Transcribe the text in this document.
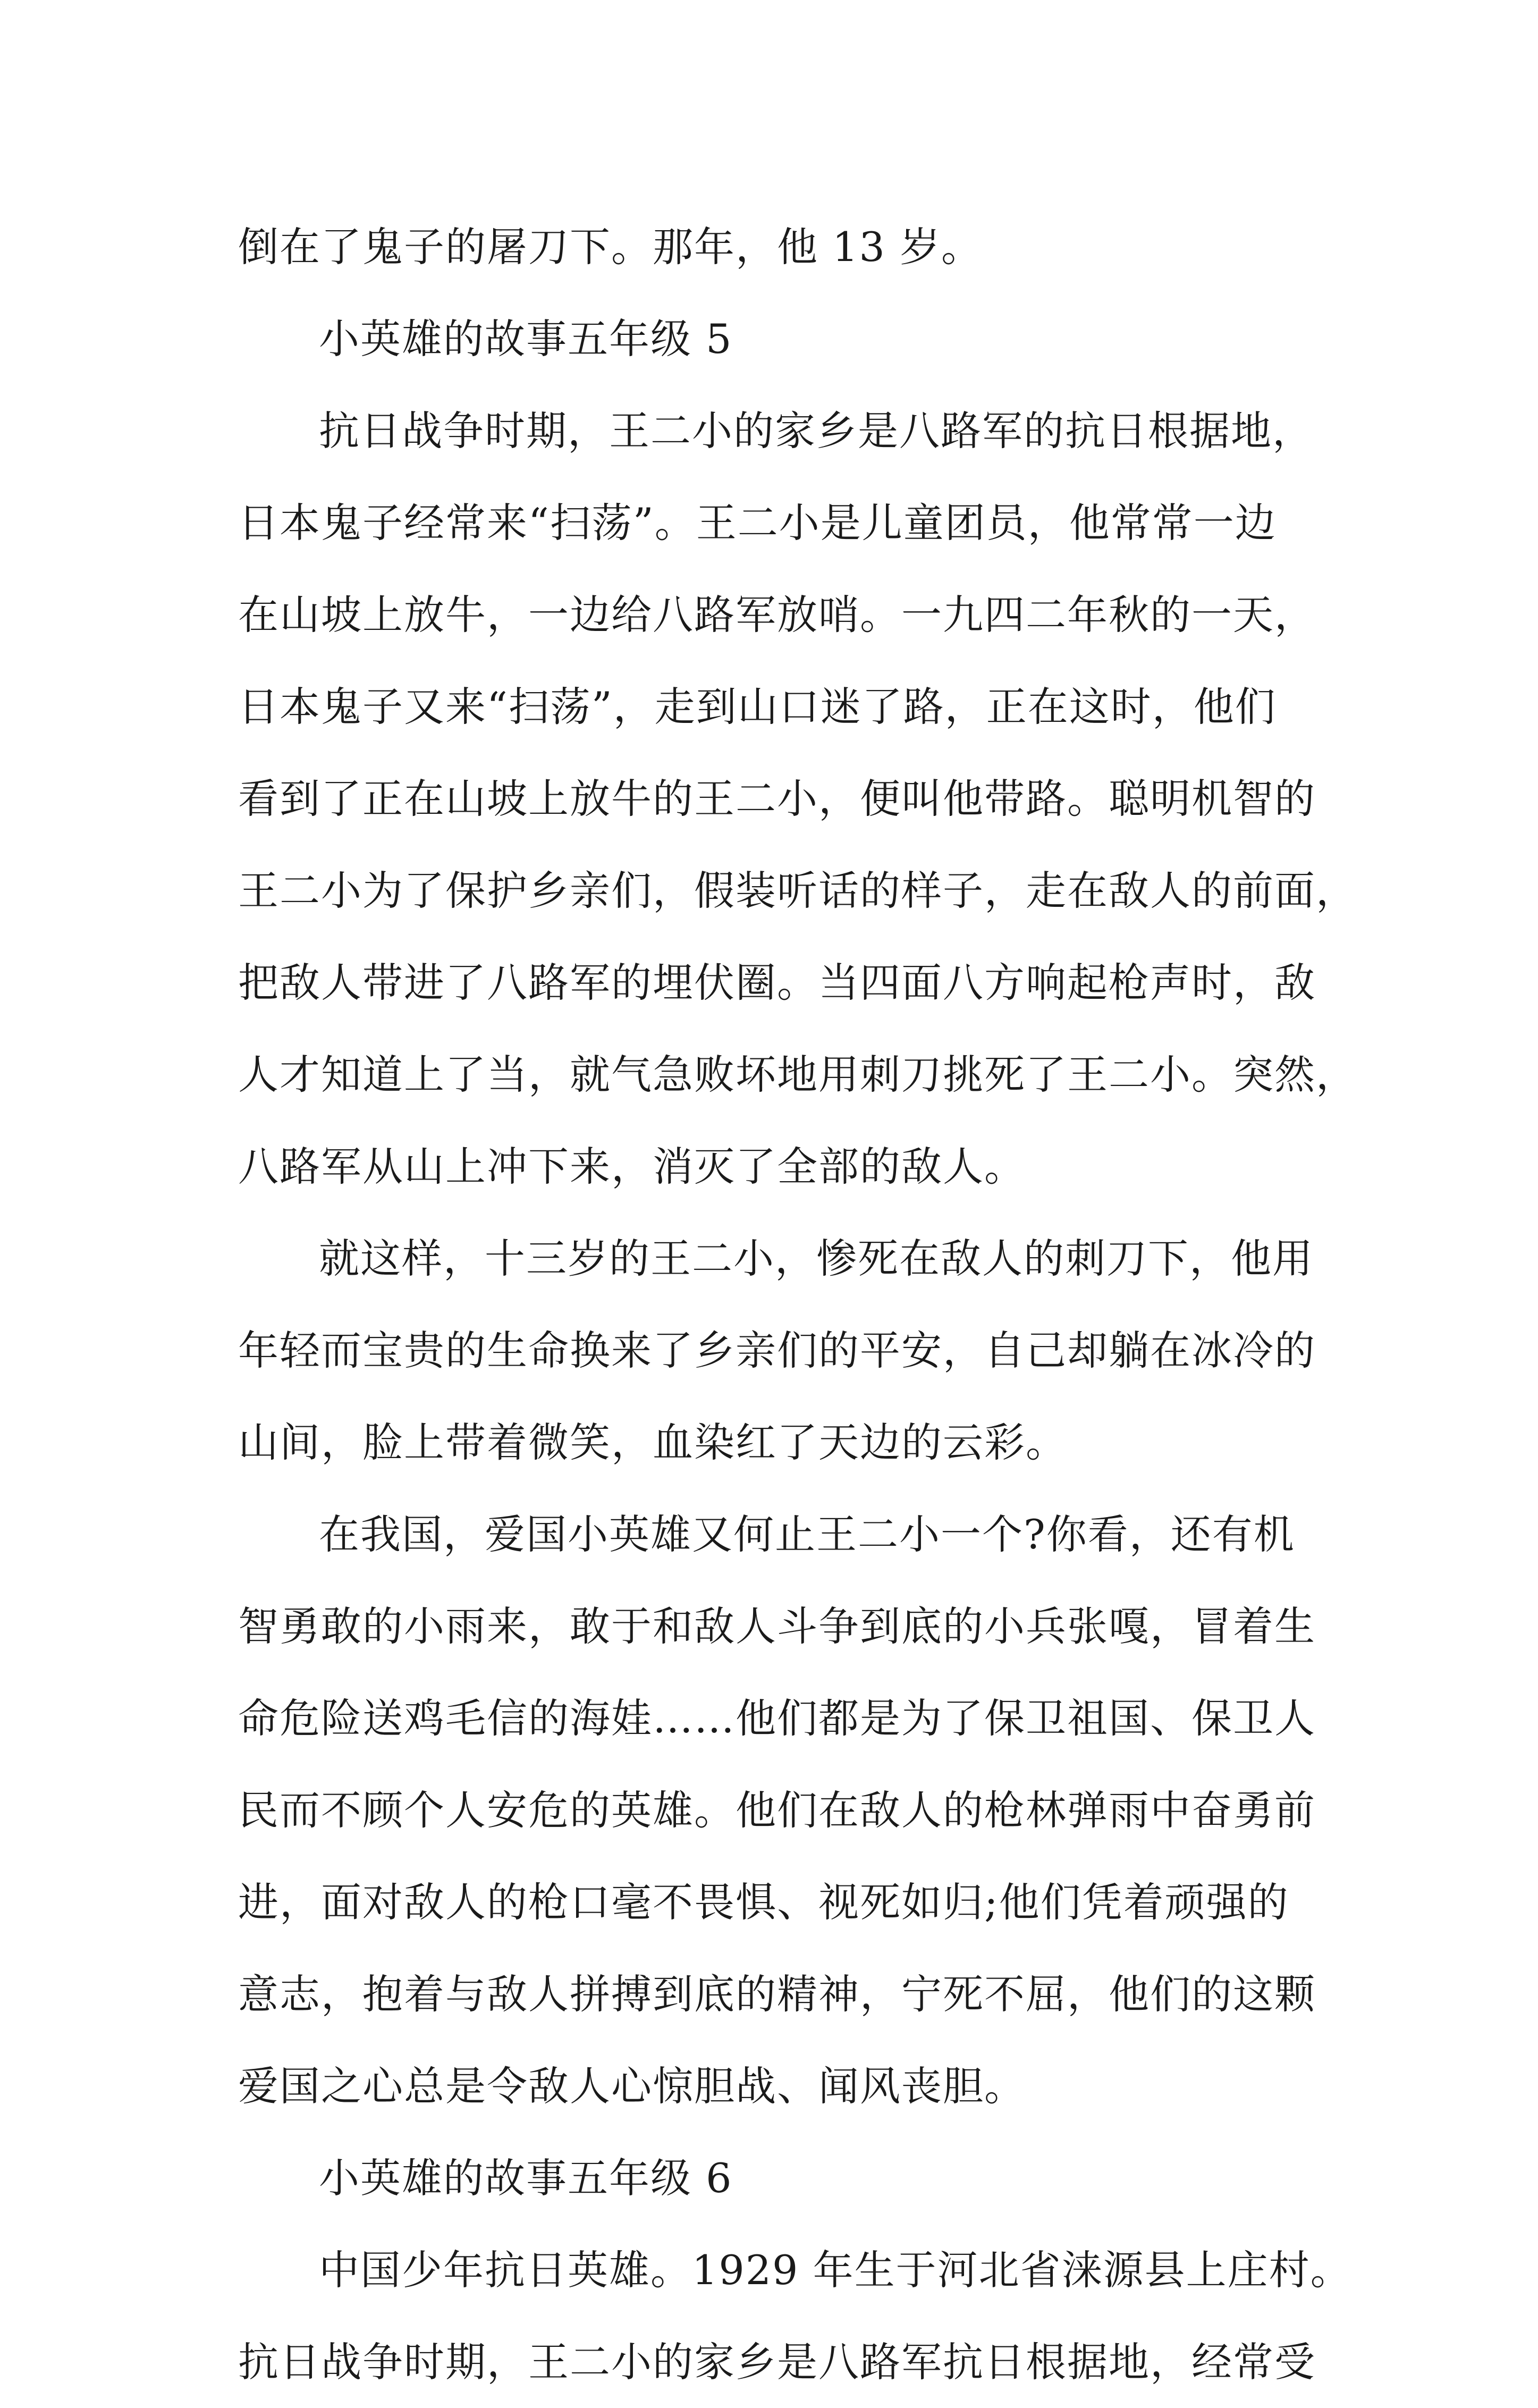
倒在了鬼子的屠刀下。那年，他 13 岁。
小英雄的故事五年级 5
抗日战争时期，王二小的家乡是八路军的抗日根据地，
日本鬼子经常来“扫荡”。王二小是儿童团员，他常常一边
在山坡上放牛，一边给八路军放哨。一九四二年秋的一天，
日本鬼子又来“扫荡”，走到山口迷了路，正在这时，他们
看到了正在山坡上放牛的王二小，便叫他带路。聪明机智的
王二小为了保护乡亲们，假装听话的样子，走在敌人的前面，
把敌人带进了八路军的埋伏圈。当四面八方响起枪声时，敌
人才知道上了当，就气急败坏地用刺刀挑死了王二小。突然，
八路军从山上冲下来，消灭了全部的敌人。
就这样，十三岁的王二小，惨死在敌人的刺刀下，他用
年轻而宝贵的生命换来了乡亲们的平安，自己却躺在冰冷的
山间，脸上带着微笑，血染红了天边的云彩。
在我国，爱国小英雄又何止王二小一个?你看，还有机
智勇敢的小雨来，敢于和敌人斗争到底的小兵张嘎，冒着生
命危险送鸡毛信的海娃……他们都是为了保卫祖国、保卫人
民而不顾个人安危的英雄。他们在敌人的枪林弹雨中奋勇前
进，面对敌人的枪口毫不畏惧、视死如归;他们凭着顽强的
意志，抱着与敌人拼搏到底的精神，宁死不屈，他们的这颗
爱国之心总是令敌人心惊胆战、闻风丧胆。
小英雄的故事五年级 6
中国少年抗日英雄。1929 年生于河北省涞源县上庄村。
抗日战争时期，王二小的家乡是八路军抗日根据地，经常受
